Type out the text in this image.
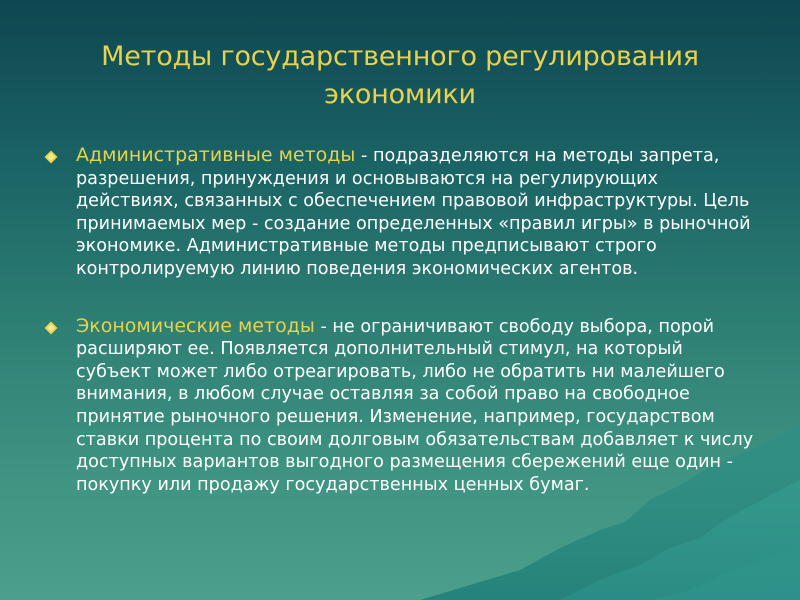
Методы государственного регулирования
экономики

Административные методы - подразделяются на методы запрета, разрешения, принуждения и основываются на регулирующих действиях, связанных с обеспечением правовой инфраструктуры. Цель принимаемых мер - создание определенных «правил игры» в рыночной экономике. Административные методы предписывают строго контролируемую линию поведения экономических агентов.

Экономические методы - не ограничивают свободу выбора, порой расширяют ее. Появляется дополнительный стимул, на который субъект может либо отреагировать, либо не обратить ни малейшего внимания, в любом случае оставляя за собой право на свободное принятие рыночного решения. Изменение, например, государством ставки процента по своим долговым обязательствам добавляет к числу доступных вариантов выгодного размещения сбережений еще один - покупку или продажу государственных ценных бумаг.
